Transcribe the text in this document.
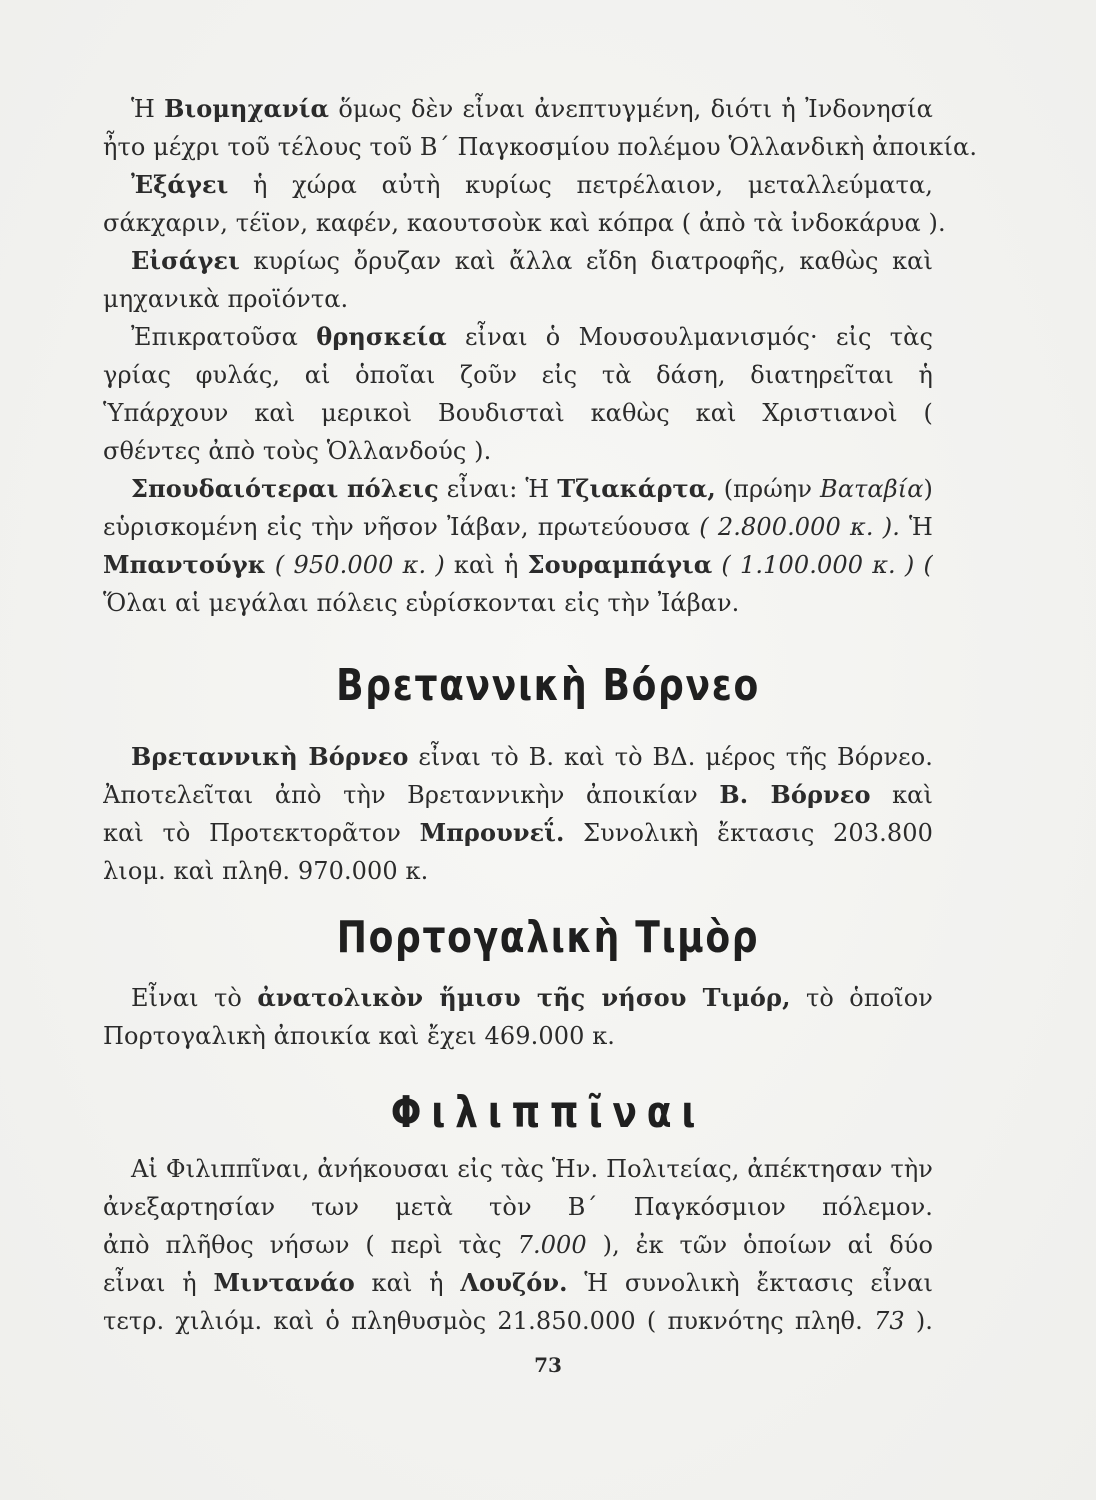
Ἡ Βιομηχανία ὅμως δὲν εἶναι ἀνεπτυγμένη, διότι ἡ Ἰνδονησία
ἦτο μέχρι τοῦ τέλους τοῦ Β΄ Παγκοσμίου πολέμου Ὁλλανδικὴ ἀποικία.
Ἐξάγει ἡ χώρα αὐτὴ κυρίως πετρέλαιον, μεταλλεύματα,
σάκχαριν, τέϊον, καφέν, καουτσοὺκ καὶ κόπρα ( ἀπὸ τὰ ἰνδοκάρυα ).
Εἰσάγει κυρίως ὄρυζαν καὶ ἄλλα εἴδη διατροφῆς, καθὼς καὶ
μηχανικὰ προϊόντα.
Ἐπικρατοῦσα θρησκεία εἶναι ὁ Μουσουλμανισμός· εἰς τὰς
γρίας φυλάς, αἱ ὁποῖαι ζοῦν εἰς τὰ δάση, διατηρεῖται ἡ
Ὑπάρχουν καὶ μερικοὶ Βουδισταὶ καθὼς καὶ Χριστιανοὶ (
σθέντες ἀπὸ τοὺς Ὁλλανδούς ).
Σπουδαιότεραι πόλεις εἶναι: Ἡ Τζιακάρτα, (πρώην Βαταβία)
εὑρισκομένη εἰς τὴν νῆσον Ἰάβαν, πρωτεύουσα ( 2.800.000 κ. ). Ἡ
Μπαντούγκ ( 950.000 κ. ) καὶ ἡ Σουραμπάγια ( 1.100.000 κ. ) (
Ὅλαι αἱ μεγάλαι πόλεις εὑρίσκονται εἰς τὴν Ἰάβαν.
Βρεταννικὴ Βόρνεο
Βρεταννικὴ Βόρνεο εἶναι τὸ Β. καὶ τὸ ΒΔ. μέρος τῆς Βόρνεο.
Ἀποτελεῖται ἀπὸ τὴν Βρεταννικὴν ἀποικίαν Β. Βόρνεο καὶ
καὶ τὸ Προτεκτορᾶτον Μπρουνεΐ. Συνολικὴ ἔκτασις 203.800
λιομ. καὶ πληθ. 970.000 κ.
Πορτογαλικὴ Τιμὸρ
Εἶναι τὸ ἀνατολικὸν ἥμισυ τῆς νήσου Τιμόρ, τὸ ὁποῖον
Πορτογαλικὴ ἀποικία καὶ ἔχει 469.000 κ.
Φιλιππῖναι
Αἱ Φιλιππῖναι, ἀνήκουσαι εἰς τὰς Ἡν. Πολιτείας, ἀπέκτησαν τὴν
ἀνεξαρτησίαν των μετὰ τὸν Β΄ Παγκόσμιον πόλεμον.
ἀπὸ πλῆθος νήσων ( περὶ τὰς 7.000 ), ἐκ τῶν ὁποίων αἱ δύο
εἶναι ἡ Μιντανάο καὶ ἡ Λουζόν. Ἡ συνολικὴ ἔκτασις εἶναι
τετρ. χιλιόμ. καὶ ὁ πληθυσμὸς 21.850.000 ( πυκνότης πληθ. 73 ).
73
